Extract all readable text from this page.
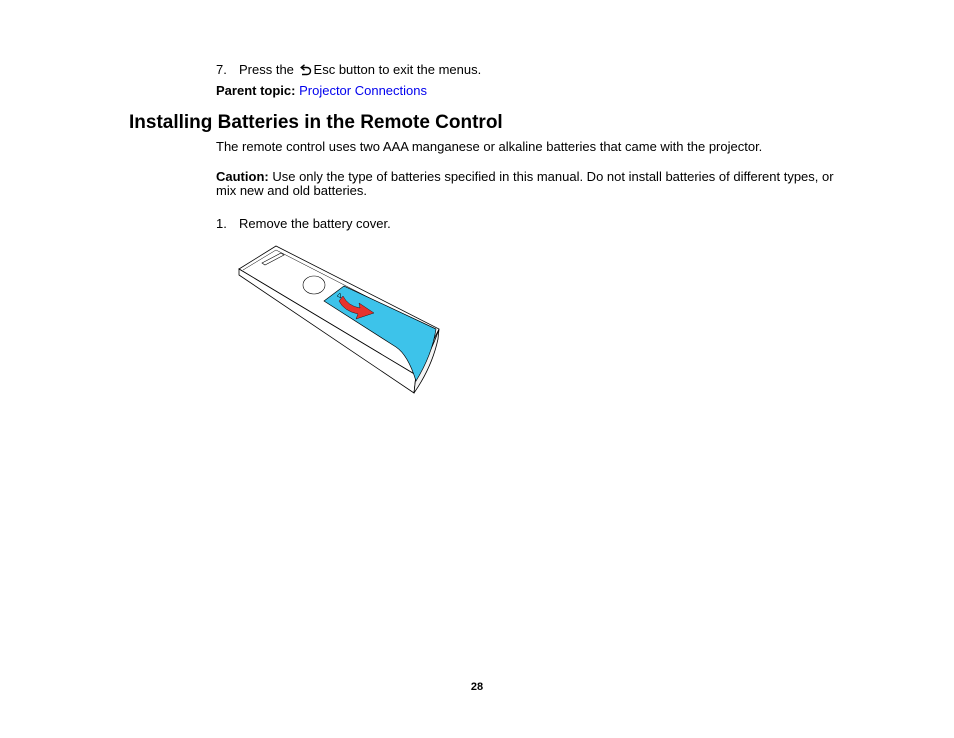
7. Press the Esc button to exit the menus.
Parent topic: Projector Connections
Installing Batteries in the Remote Control
The remote control uses two AAA manganese or alkaline batteries that came with the projector.
Caution: Use only the type of batteries specified in this manual. Do not install batteries of different types, or mix new and old batteries.
1. Remove the battery cover.
28
